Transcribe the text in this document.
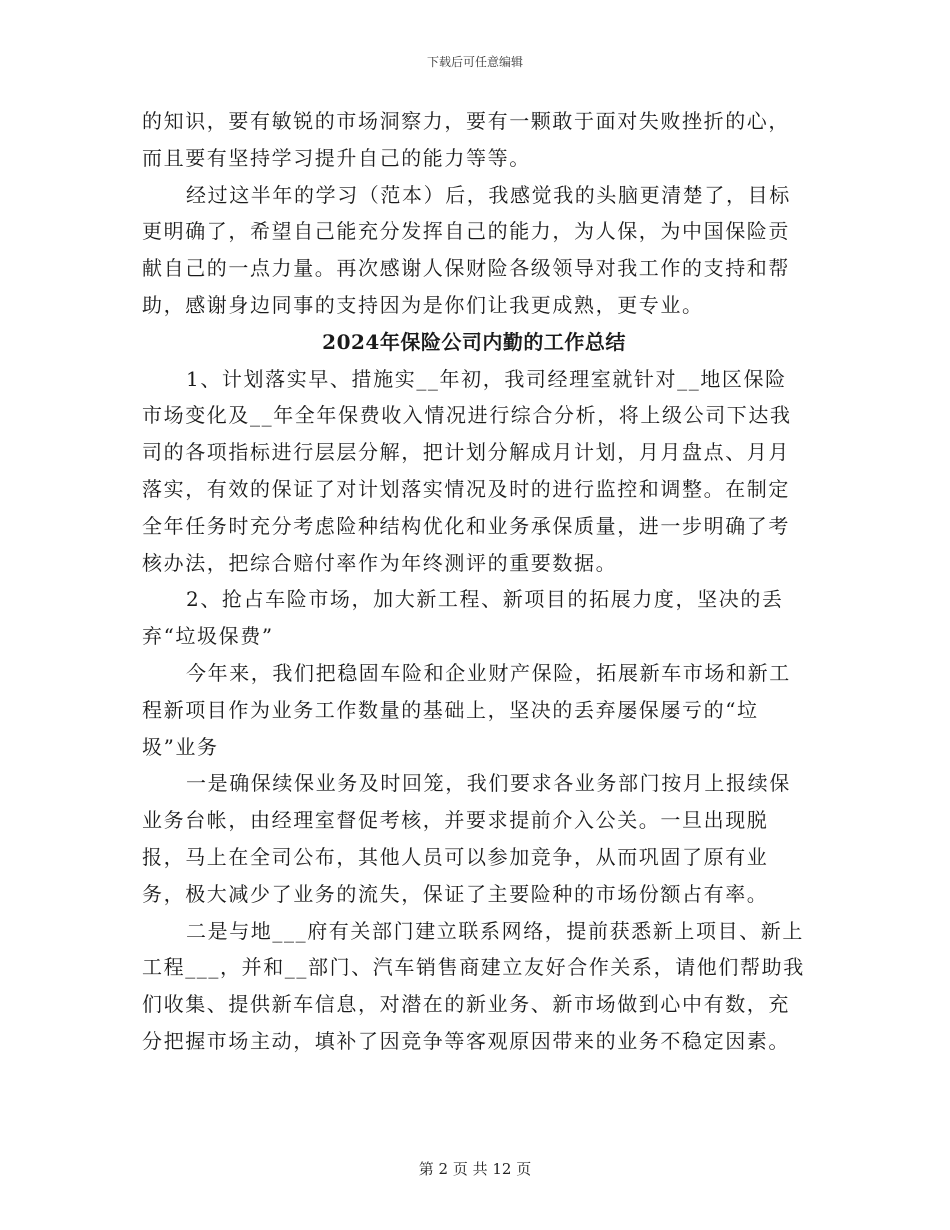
下载后可任意编辑

的知识，要有敏锐的市场洞察力，要有一颗敢于面对失败挫折的心，而且要有坚持学习提升自己的能力等等。

经过这半年的学习（范本）后，我感觉我的头脑更清楚了，目标更明确了，希望自己能充分发挥自己的能力，为人保，为中国保险贡献自己的一点力量。再次感谢人保财险各级领导对我工作的支持和帮助，感谢身边同事的支持因为是你们让我更成熟，更专业。

2024年保险公司内勤的工作总结

1、计划落实早、措施实__年初，我司经理室就针对__地区保险市场变化及__年全年保费收入情况进行综合分析，将上级公司下达我司的各项指标进行层层分解，把计划分解成月计划，月月盘点、月月落实，有效的保证了对计划落实情况及时的进行监控和调整。在制定全年任务时充分考虑险种结构优化和业务承保质量，进一步明确了考核办法，把综合赔付率作为年终测评的重要数据。

2、抢占车险市场，加大新工程、新项目的拓展力度，坚决的丢弃“垃圾保费”

今年来，我们把稳固车险和企业财产保险，拓展新车市场和新工程新项目作为业务工作数量的基础上，坚决的丢弃屡保屡亏的“垃圾”业务

一是确保续保业务及时回笼，我们要求各业务部门按月上报续保业务台帐，由经理室督促考核，并要求提前介入公关。一旦出现脱报，马上在全司公布，其他人员可以参加竞争，从而巩固了原有业务，极大减少了业务的流失，保证了主要险种的市场份额占有率。

二是与地___府有关部门建立联系网络，提前获悉新上项目、新上工程___，并和__部门、汽车销售商建立友好合作关系，请他们帮助我们收集、提供新车信息，对潜在的新业务、新市场做到心中有数，充分把握市场主动，填补了因竞争等客观原因带来的业务不稳定因素。

第 2 页 共 12 页
